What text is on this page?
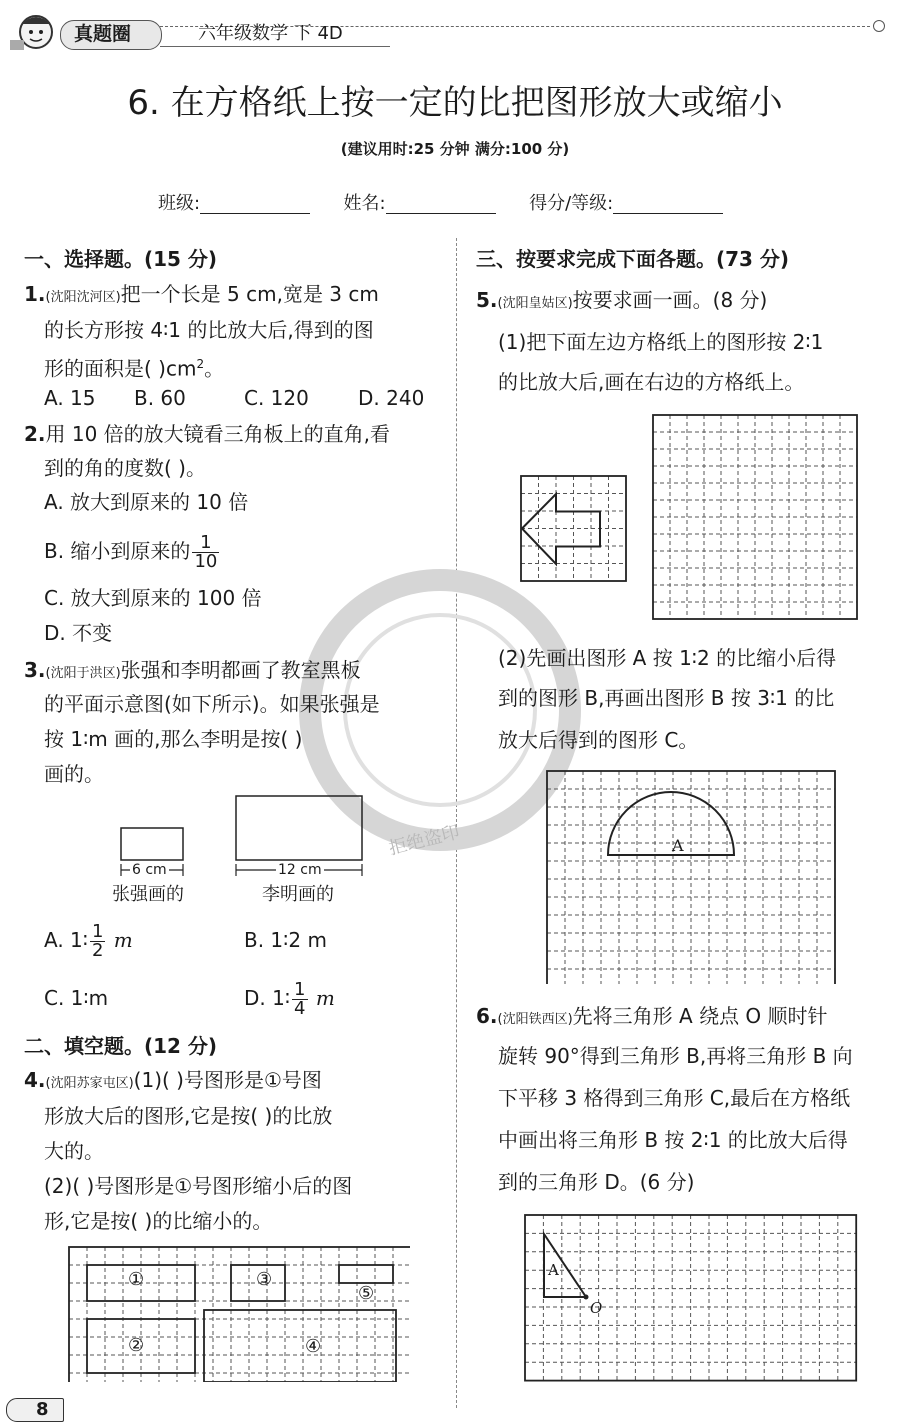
真题圈	六年级数学 下 4D
6. 在方格纸上按一定的比把图形放大或缩小
(建议用时:25 分钟 满分:100 分)
班级:	姓名:	得分/等级:
拒绝盗印
一、选择题。(15 分)
1.(沈阳沈河区)把一个长是 5 cm,宽是 3 cm
的长方形按 4∶1 的比放大后,得到的图
形的面积是( )$cm^2$。
A. 15 B. 60	C. 120 D. 240
2.用 10 倍的放大镜看三角板上的直角,看
到的角的度数( )。
A. 放大到原来的 10 倍
B. 缩小到原来的 $\frac{1}{10}$
C. 放大到原来的 100 倍
D. 不变
3.(沈阳于洪区)张强和李明都画了教室黑板
的平面示意图(如下所示)。如果张强是
按 1∶m 画的,那么李明是按( )
画的。
6 cm	12 cm
张强画的	李明画的
A. 1∶ $\frac{1}{2}$ m	B. 1∶2 m
C. 1∶m	D. 1∶ $\frac{1}{4}$ m
二、填空题。(12 分)
4.(沈阳苏家屯区)(1)( )号图形是①号图
形放大后的图形,它是按( )的比放
大的。
(2)( )号图形是①号图形缩小后的图
形,它是按( )的比缩小的。
①
②
③
④
⑤
三、按要求完成下面各题。(73 分)
5.(沈阳皇姑区)按要求画一画。(8 分)
(1)把下面左边方格纸上的图形按 2∶1
的比放大后,画在右边的方格纸上。
(2)先画出图形 A 按 1∶2 的比缩小后得
到的图形 B,再画出图形 B 按 3∶1 的比
放大后得到的图形 C。
A
6.(沈阳铁西区)先将三角形 A 绕点 O 顺时针
旋转 90°得到三角形 B,再将三角形 B 向
下平移 3 格得到三角形 C,最后在方格纸
中画出将三角形 B 按 2∶1 的比放大后得
到的三角形 D。(6 分)
A
O
8
